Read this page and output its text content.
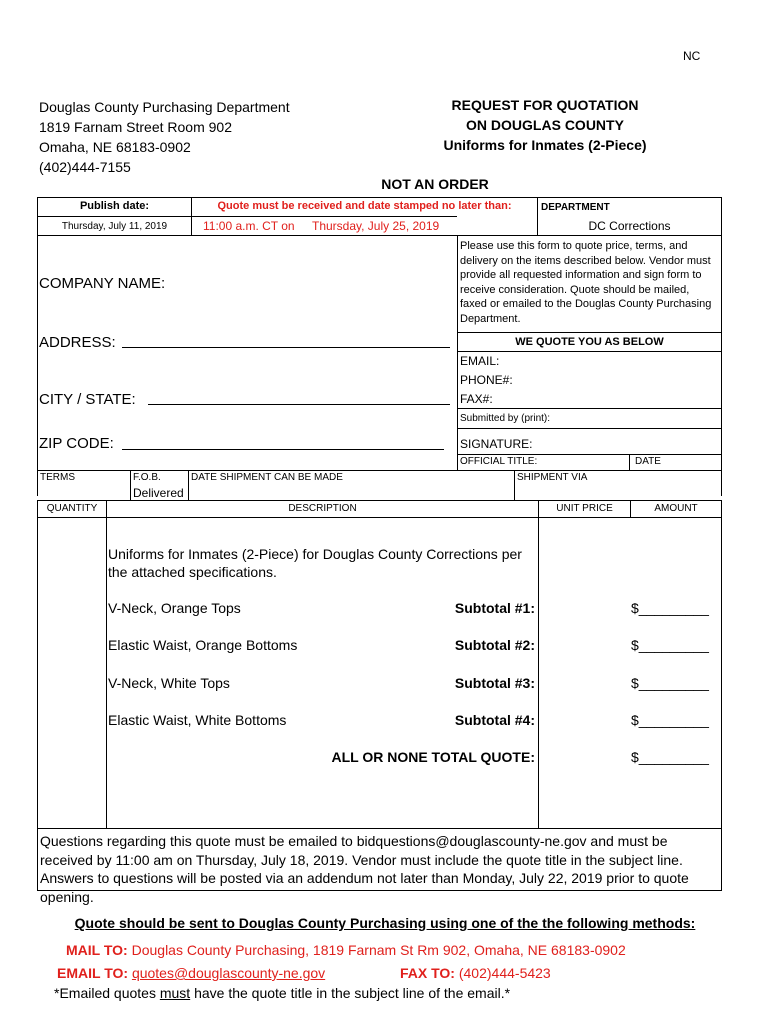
NC
Douglas County Purchasing Department
1819 Farnam Street Room 902
Omaha, NE 68183-0902
(402)444-7155
REQUEST FOR QUOTATION
ON DOUGLAS COUNTY
Uniforms for Inmates (2-Piece)
NOT AN ORDER
Publish date:
Thursday, July 11, 2019
Quote must be received and date stamped no later than:
11:00 a.m. CT on Thursday, July 25, 2019
DEPARTMENT
DC Corrections
COMPANY NAME:
ADDRESS:
CITY / STATE:
ZIP CODE:
Please use this form to quote price, terms, and delivery on the items described below. Vendor must provide all requested information and sign form to receive consideration. Quote should be mailed, faxed or emailed to the Douglas County Purchasing Department.
WE QUOTE YOU AS BELOW
EMAIL:
PHONE#:
FAX#:
Submitted by (print):
SIGNATURE:
OFFICIAL TITLE:	DATE
TERMS	F.O.B.
Delivered
DATE SHIPMENT CAN BE MADE	SHIPMENT VIA
QUANTITY	DESCRIPTION	UNIT PRICE	AMOUNT
Uniforms for Inmates (2-Piece) for Douglas County Corrections per the attached specifications.
V-Neck, Orange Tops	Subtotal #1:	$_________
Elastic Waist, Orange Bottoms	Subtotal #2:	$_________
V-Neck, White Tops	Subtotal #3:	$_________
Elastic Waist, White Bottoms	Subtotal #4:	$_________
ALL OR NONE TOTAL QUOTE:	$_________
Questions regarding this quote must be emailed to bidquestions@douglascounty-ne.gov and must be received by 11:00 am on Thursday, July 18, 2019. Vendor must include the quote title in the subject line. Answers to questions will be posted via an addendum not later than Monday, July 22, 2019 prior to quote opening.
Quote should be sent to Douglas County Purchasing using one of the the following methods:
MAIL TO: Douglas County Purchasing, 1819 Farnam St Rm 902, Omaha, NE 68183-0902
EMAIL TO: quotes@douglascounty-ne.gov	FAX TO: (402)444-5423
*Emailed quotes must have the quote title in the subject line of the email.*
